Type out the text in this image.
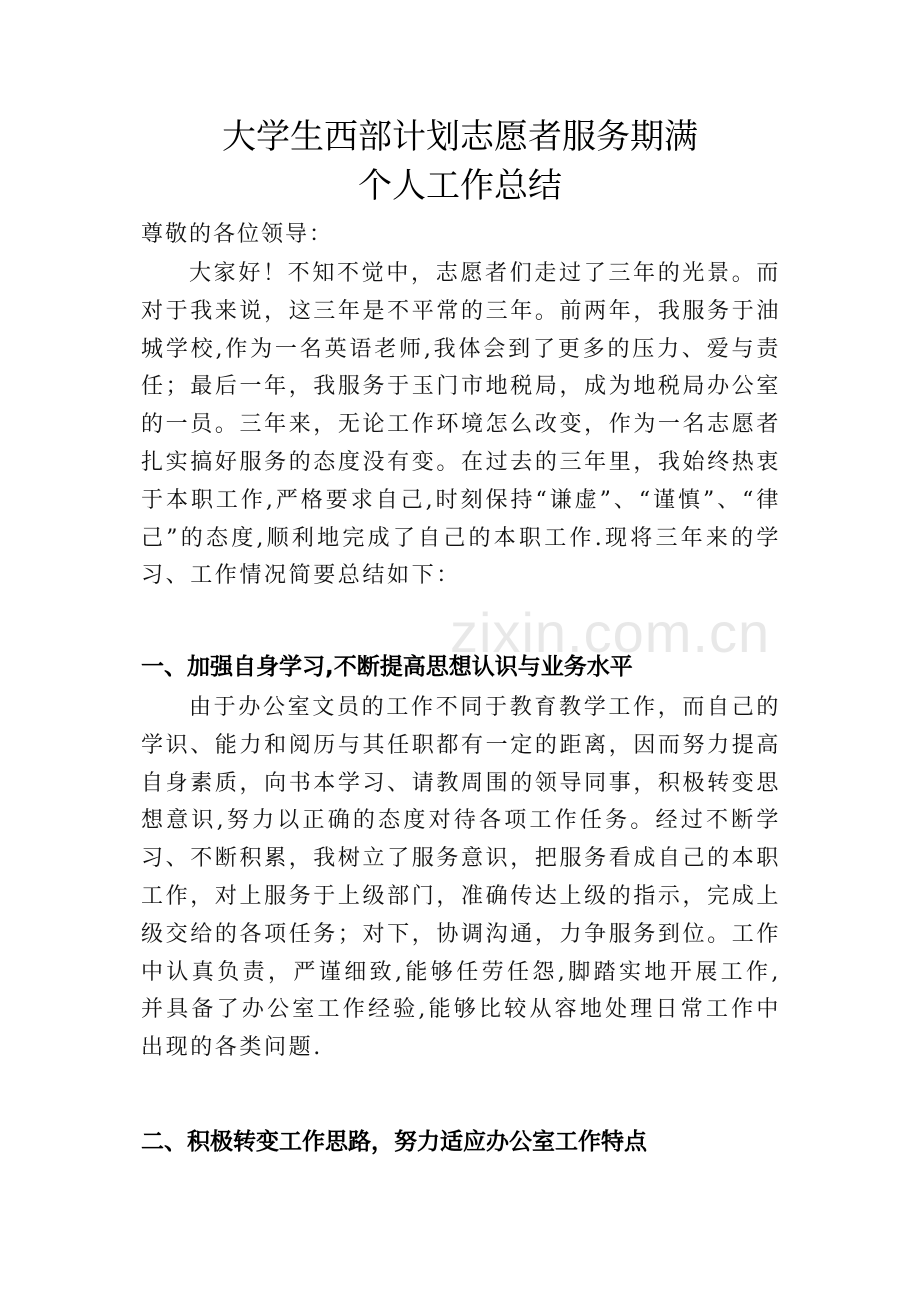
大学生西部计划志愿者服务期满
个人工作总结

尊敬的各位领导：

大家好！不知不觉中，志愿者们走过了三年的光景。而对于我来说，这三年是不平常的三年。前两年，我服务于油城学校,作为一名英语老师,我体会到了更多的压力、爱与责任；最后一年，我服务于玉门市地税局，成为地税局办公室的一员。三年来，无论工作环境怎么改变，作为一名志愿者扎实搞好服务的态度没有变。在过去的三年里，我始终热衷于本职工作,严格要求自己,时刻保持“谦虚”、“谨慎”、“律己”的态度,顺利地完成了自己的本职工作.现将三年来的学习、工作情况简要总结如下：

zixin.com.cn
一、加强自身学习,不断提高思想认识与业务水平

由于办公室文员的工作不同于教育教学工作，而自己的学识、能力和阅历与其任职都有一定的距离，因而努力提高自身素质，向书本学习、请教周围的领导同事，积极转变思想意识,努力以正确的态度对待各项工作任务。经过不断学习、不断积累，我树立了服务意识，把服务看成自己的本职工作，对上服务于上级部门，准确传达上级的指示，完成上级交给的各项任务；对下，协调沟通，力争服务到位。工作中认真负责，严谨细致,能够任劳任怨,脚踏实地开展工作,并具备了办公室工作经验,能够比较从容地处理日常工作中出现的各类问题.

二、积极转变工作思路，努力适应办公室工作特点
